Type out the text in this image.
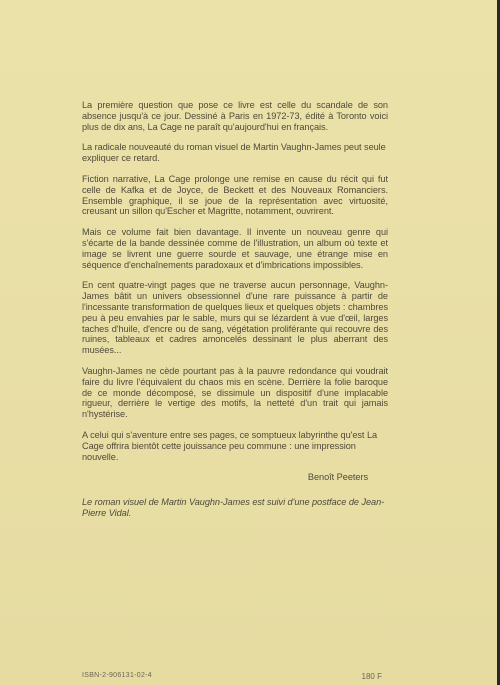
La première question que pose ce livre est celle du scandale de son absence jusqu'à ce jour. Dessiné à Paris en 1972-73, édité à Toronto voici plus de dix ans, La Cage ne paraît qu'aujourd'hui en français.

La radicale nouveauté du roman visuel de Martin Vaughn-James peut seule expliquer ce retard.

Fiction narrative, La Cage prolonge une remise en cause du récit qui fut celle de Kafka et de Joyce, de Beckett et des Nouveaux Romanciers. Ensemble graphique, il se joue de la représentation avec virtuosité, creusant un sillon qu'Escher et Magritte, notamment, ouvrirent.

Mais ce volume fait bien davantage. Il invente un nouveau genre qui s'écarte de la bande dessinée comme de l'illustration, un album où texte et image se livrent une guerre sourde et sauvage, une étrange mise en séquence d'enchaînements paradoxaux et d'imbrications impossibles.

En cent quatre-vingt pages que ne traverse aucun personnage, Vaughn-James bâtit un univers obsessionnel d'une rare puissance à partir de l'incessante transformation de quelques lieux et quelques objets : chambres peu à peu envahies par le sable, murs qui se lézardent à vue d'œil, larges taches d'huile, d'encre ou de sang, végétation proliférante qui recouvre des ruines, tableaux et cadres amoncelés dessinant le plus aberrant des musées...

Vaughn-James ne cède pourtant pas à la pauvre redondance qui voudrait faire du livre l'équivalent du chaos mis en scène. Derrière la folie baroque de ce monde décomposé, se dissimule un dispositif d'une implacable rigueur, derrière le vertige des motifs, la netteté d'un trait qui jamais n'hystérise.

A celui qui s'aventure entre ses pages, ce somptueux labyrinthe qu'est La Cage offrira bientôt cette jouissance peu commune : une impression nouvelle.

Benoît Peeters

Le roman visuel de Martin Vaughn-James est suivi d'une postface de Jean-Pierre Vidal.

ISBN-2-906131-02-4	180 F
